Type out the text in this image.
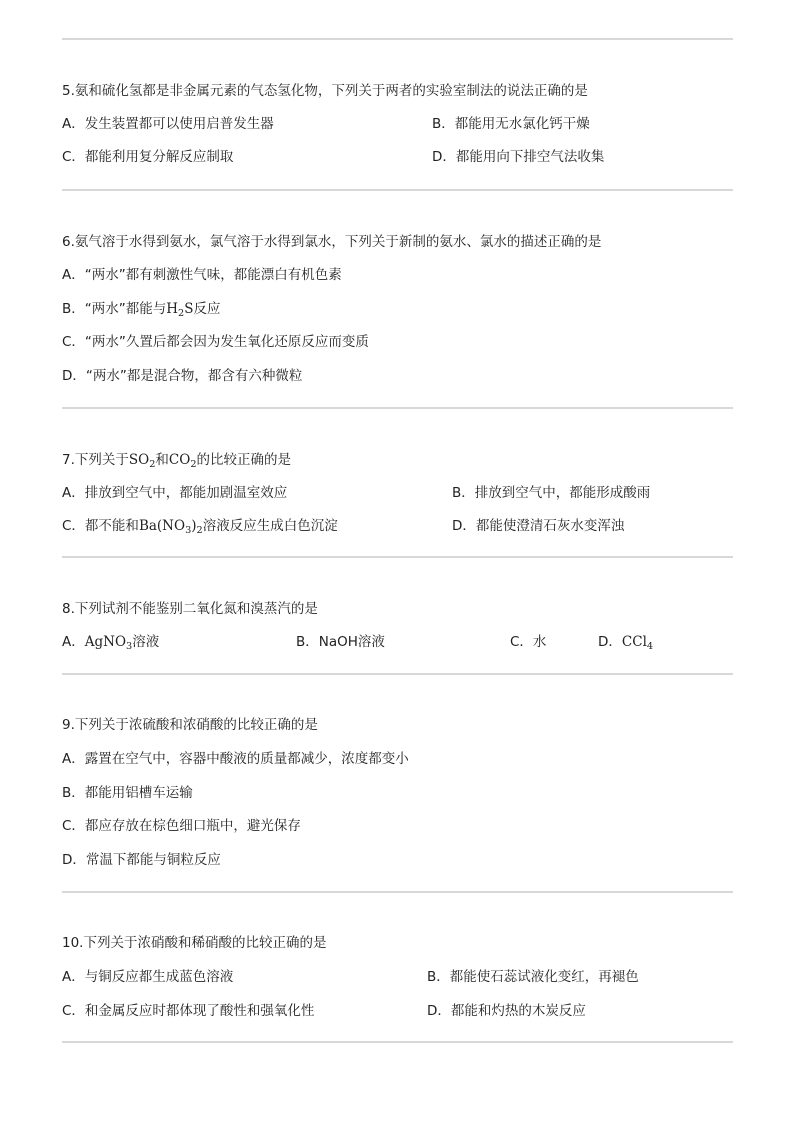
5.氨和硫化氢都是非金属元素的气态氢化物，下列关于两者的实验室制法的说法正确的是
A．发生装置都可以使用启普发生器	B．都能用无水氯化钙干燥
C．都能利用复分解反应制取	D．都能用向下排空气法收集
6.氨气溶于水得到氨水，氯气溶于水得到氯水，下列关于新制的氨水、氯水的描述正确的是
A．“两水”都有刺激性气味，都能漂白有机色素
B．“两水”都能与$H_2S$反应
C．“两水”久置后都会因为发生氧化还原反应而变质
D．“两水”都是混合物，都含有六种微粒
7.下列关于$SO_2$和$CO_2$的比较正确的是
A．排放到空气中，都能加剧温室效应	B．排放到空气中，都能形成酸雨
C．都不能和$Ba(NO_3)_2$溶液反应生成白色沉淀	D．都能使澄清石灰水变浑浊
8.下列试剂不能鉴别二氧化氮和溴蒸汽的是
A．AgNO$_3$溶液	B．NaOH溶液	C．水	D．CCl$_4$
9.下列关于浓硫酸和浓硝酸的比较正确的是
A．露置在空气中，容器中酸液的质量都减少，浓度都变小
B．都能用铝槽车运输
C．都应存放在棕色细口瓶中，避光保存
D．常温下都能与铜粒反应
10.下列关于浓硝酸和稀硝酸的比较正确的是
A．与铜反应都生成蓝色溶液	B．都能使石蕊试液化变红，再褪色
C．和金属反应时都体现了酸性和强氧化性	D．都能和灼热的木炭反应
